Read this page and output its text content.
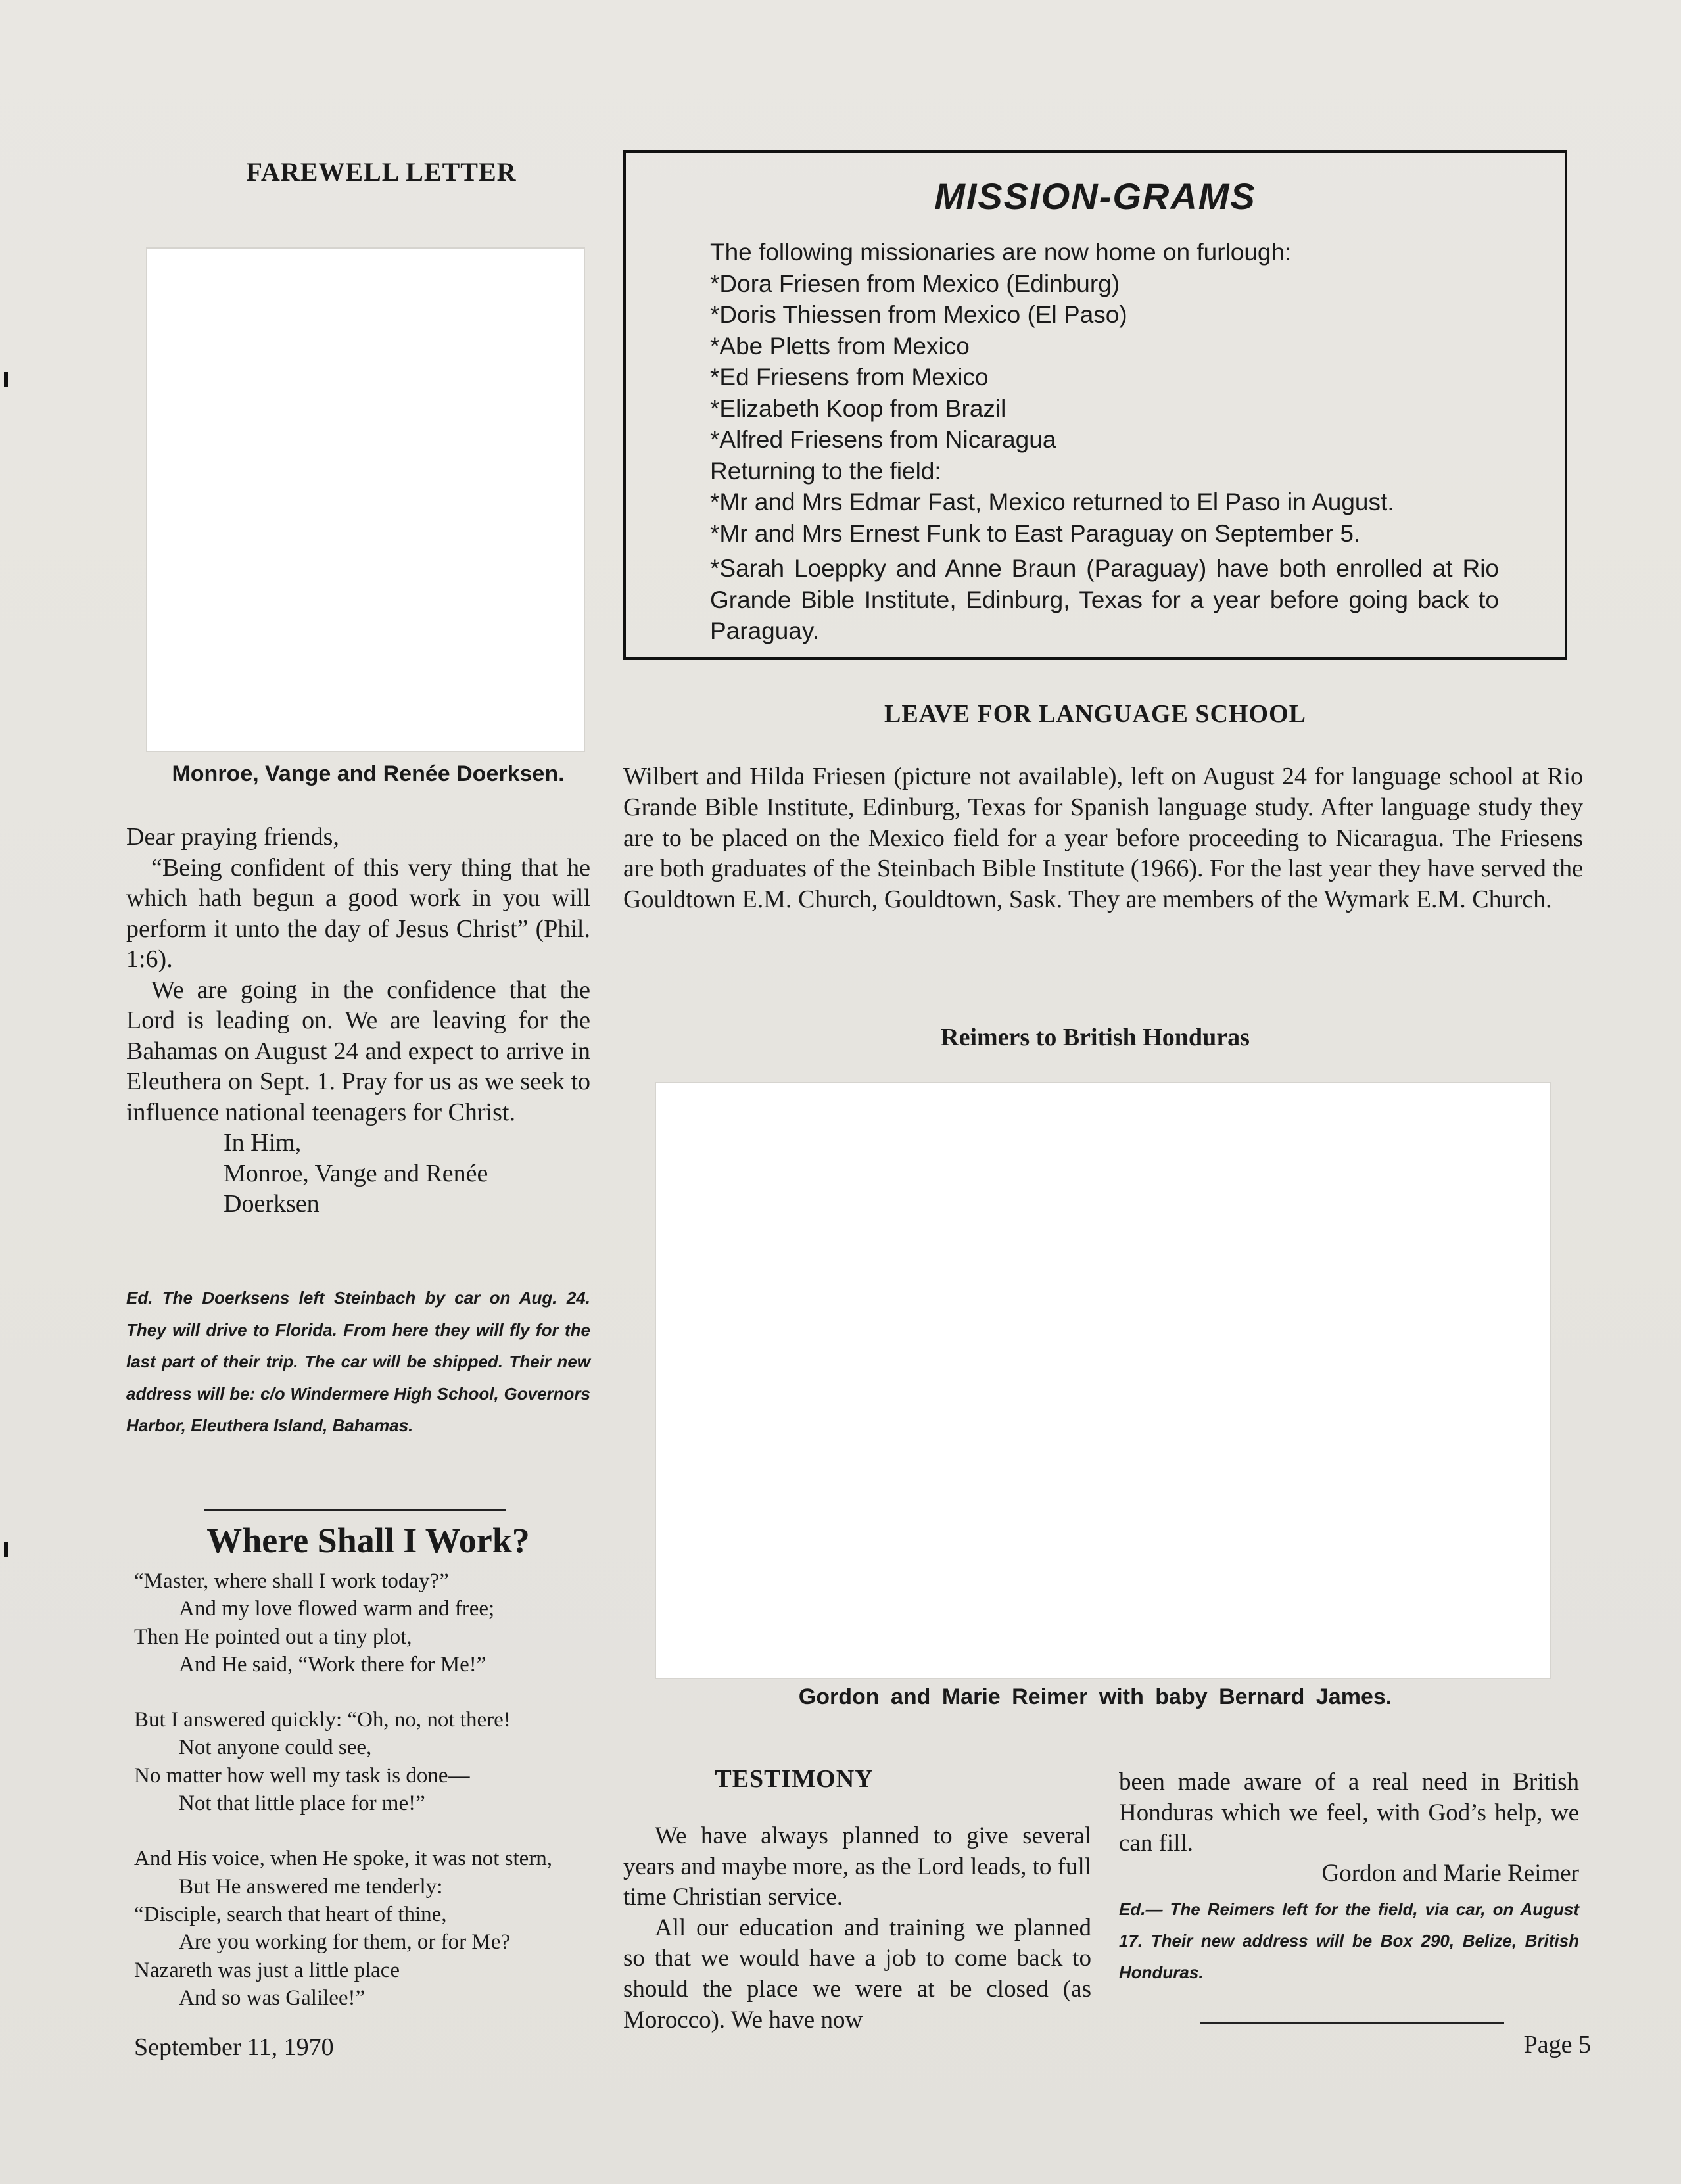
FAREWELL LETTER
Monroe, Vange and Renée Doerksen.

Dear praying friends,

“Being confident of this very thing that he which hath begun a good work in you will perform it unto the day of Jesus Christ” (Phil. 1:6).

We are going in the confidence that the Lord is leading on. We are leaving for the Bahamas on August 24 and expect to arrive in Eleuthera on Sept. 1. Pray for us as we seek to influence national teenagers for Christ.

In Him,

Monroe, Vange and Renée

Doerksen

Ed. The Doerksens left Steinbach by car on Aug. 24. They will drive to Florida. From here they will fly for the last part of their trip. The car will be shipped. Their new address will be: c/o Windermere High School, Governors Harbor, Eleuthera Island, Bahamas.
Where Shall I Work?
“Master, where shall I work today?”
And my love flowed warm and free;
Then He pointed out a tiny plot,
And He said, “Work there for Me!”
But I answered quickly: “Oh, no, not there!
Not anyone could see,
No matter how well my task is done—
Not that little place for me!”
And His voice, when He spoke, it was not stern,
But He answered me tenderly:
“Disciple, search that heart of thine,
Are you working for them, or for Me?
Nazareth was just a little place
And so was Galilee!”
September 11, 1970
MISSION-GRAMS
The following missionaries are now home on furlough:
*Dora Friesen from Mexico (Edinburg)
*Doris Thiessen from Mexico (El Paso)
*Abe Pletts from Mexico
*Ed Friesens from Mexico
*Elizabeth Koop from Brazil
*Alfred Friesens from Nicaragua
Returning to the field:
*Mr and Mrs Edmar Fast, Mexico returned to El Paso in August.
*Mr and Mrs Ernest Funk to East Paraguay on September 5.
*Sarah Loeppky and Anne Braun (Paraguay) have both enrolled at Rio Grande Bible Institute, Edinburg, Texas for a year before going back to Paraguay.
LEAVE FOR LANGUAGE SCHOOL
Wilbert and Hilda Friesen (picture not available), left on August 24 for language school at Rio Grande Bible Institute, Edinburg, Texas for Spanish language study. After language study they are to be placed on the Mexico field for a year before proceeding to Nicaragua. The Friesens are both graduates of the Steinbach Bible Institute (1966). For the last year they have served the Gouldtown E.M. Church, Gouldtown, Sask. They are members of the Wymark E.M. Church.
Reimers to British Honduras
Gordon and Marie Reimer with baby Bernard James.
TESTIMONY

We have always planned to give several years and maybe more, as the Lord leads, to full time Christian service.

All our education and training we planned so that we would have a job to come back to should the place we were at be closed (as Morocco). We have now

been made aware of a real need in British Honduras which we feel, with God’s help, we can fill.
Gordon and Marie Reimer
Ed.— The Reimers left for the field, via car, on August 17. Their new address will be Box 290, Belize, British Honduras.
Page 5
